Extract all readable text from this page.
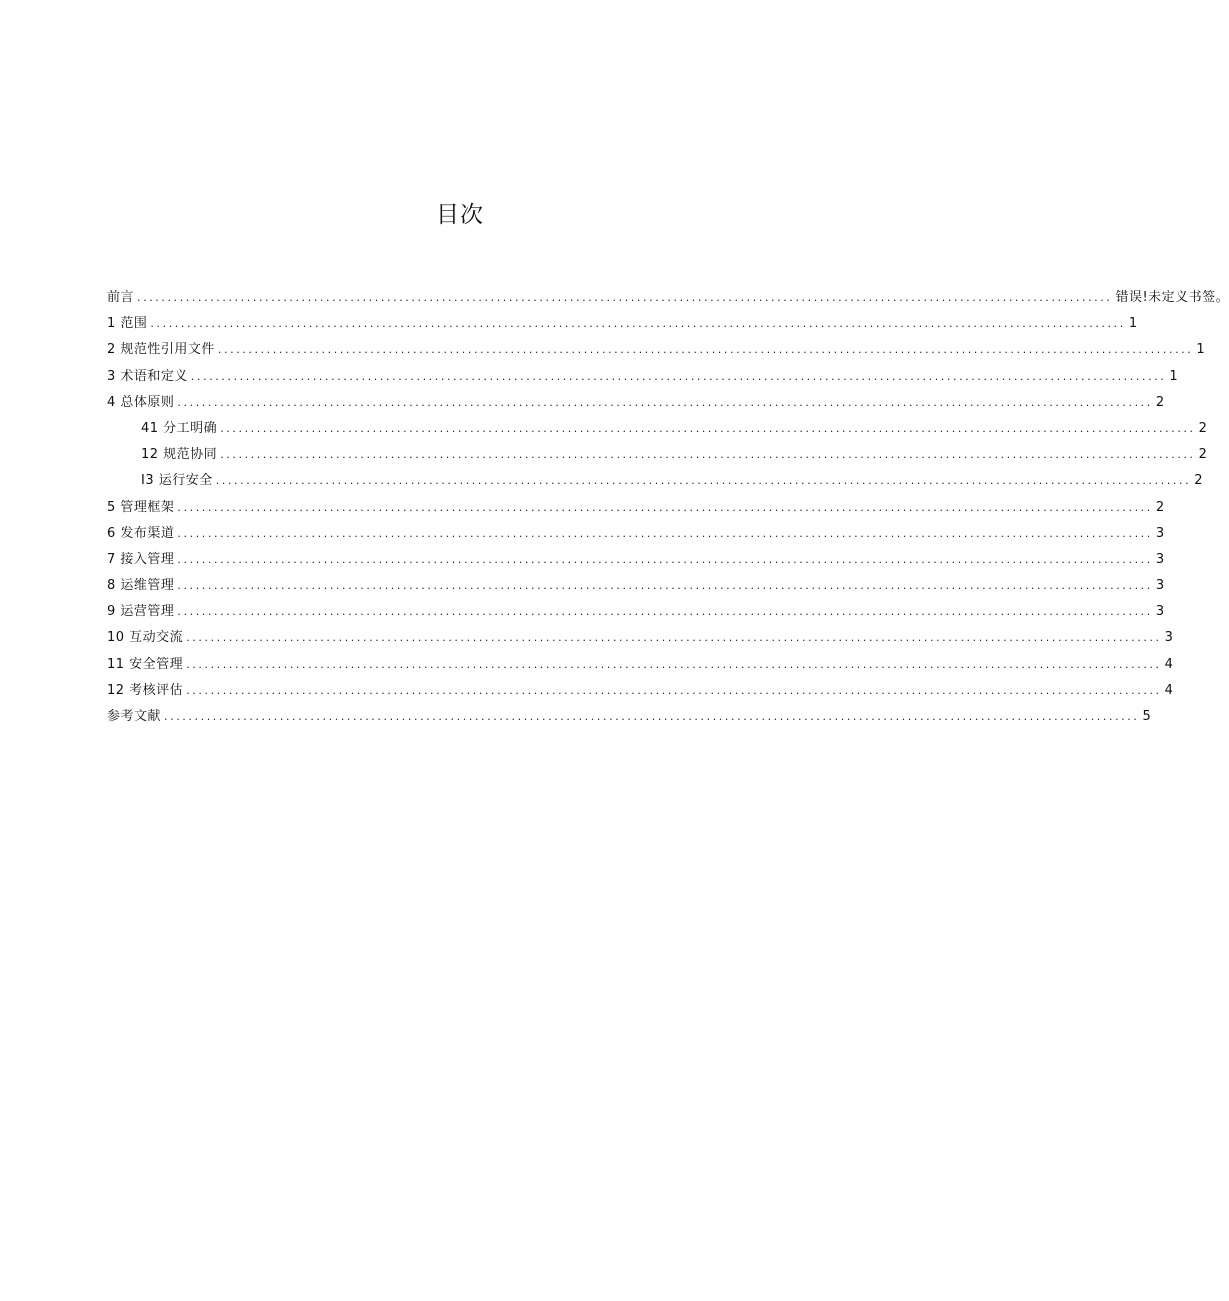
目次
前言 ................................................................................................................................................................ 错误!未定义书签。
1 范围 ................................................................................................................................................................ 1
2 规范性引用文件 ................................................................................................................................................................ 1
3 术语和定义 ................................................................................................................................................................ 1
4 总体原则 ................................................................................................................................................................ 2
41 分工明确 ................................................................................................................................................................ 2
12 规范协同 ................................................................................................................................................................ 2
I3 运行安全 ................................................................................................................................................................ 2
5 管理框架 ................................................................................................................................................................ 2
6 发布渠道 ................................................................................................................................................................ 3
7 接入管理 ................................................................................................................................................................ 3
8 运维管理 ................................................................................................................................................................ 3
9 运营管理 ................................................................................................................................................................ 3
10 互动交流 ................................................................................................................................................................ 3
11 安全管理 ................................................................................................................................................................ 4
12 考核评估 ................................................................................................................................................................ 4
参考文献 ................................................................................................................................................................ 5
